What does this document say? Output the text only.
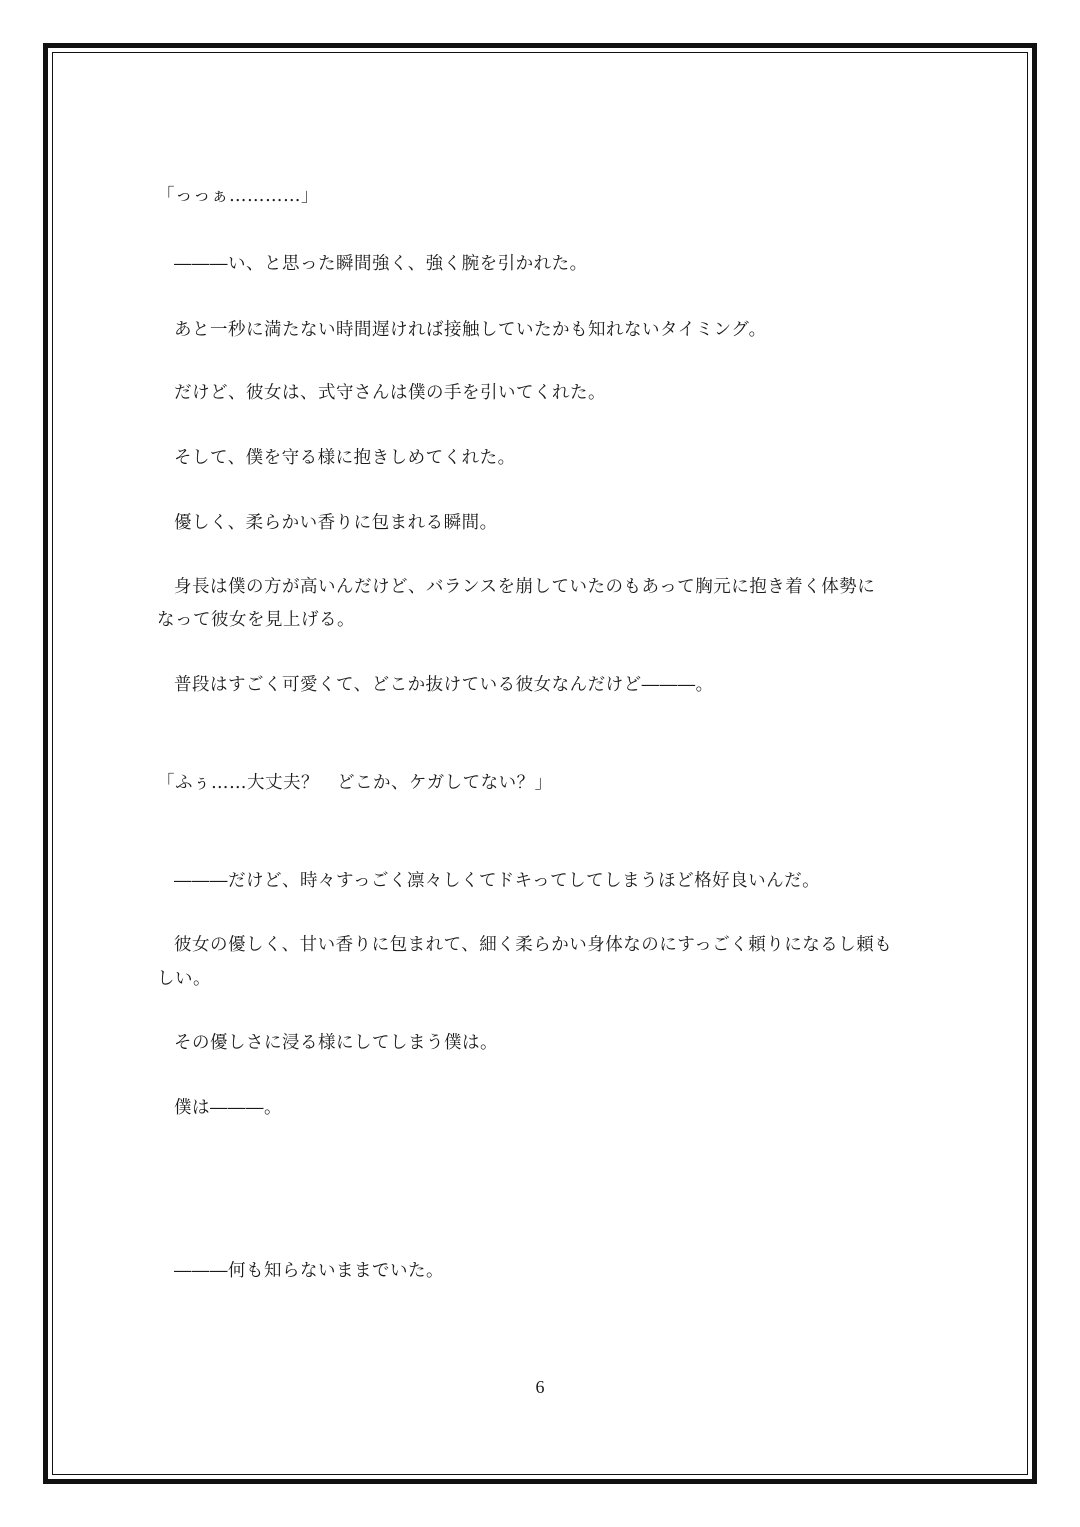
「っっぁ…………」
―――い、と思った瞬間強く、強く腕を引かれた。
あと一秒に満たない時間遅ければ接触していたかも知れないタイミング。
だけど、彼女は、式守さんは僕の手を引いてくれた。
そして、僕を守る様に抱きしめてくれた。
優しく、柔らかい香りに包まれる瞬間。
身長は僕の方が高いんだけど、バランスを崩していたのもあって胸元に抱き着く体勢に
なって彼女を見上げる。
普段はすごく可愛くて、どこか抜けている彼女なんだけど―――。
「ふぅ……大丈夫？　どこか、ケガしてない？」
―――だけど、時々すっごく凛々しくてドキってしてしまうほど格好良いんだ。
彼女の優しく、甘い香りに包まれて、細く柔らかい身体なのにすっごく頼りになるし頼も
しい。
その優しさに浸る様にしてしまう僕は。
僕は―――。
―――何も知らないままでいた。
6
